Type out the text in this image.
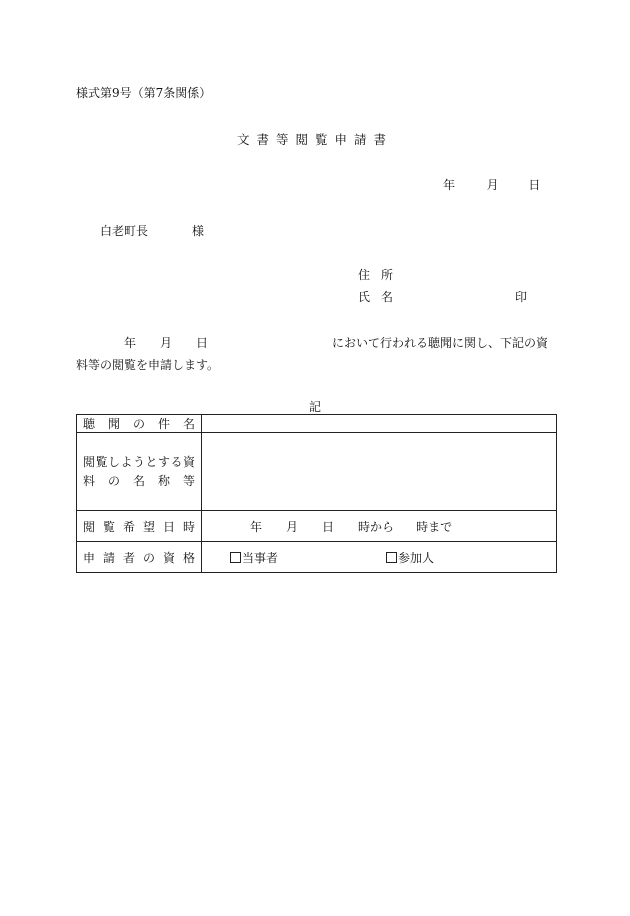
様式第9号（第7条関係）
文書等閲覧申請書
年	月 日
白老町長	様
住所
氏名	印
年 月 日	において行われる聴聞に関し、下記の資料等の閲覧を申請します。
記
聴聞の件名	

閲覧しようとする資
料の名称等	

閲覧希望日時	年 月 日 時から 時まで
申請者の資格	当事者 参加人
